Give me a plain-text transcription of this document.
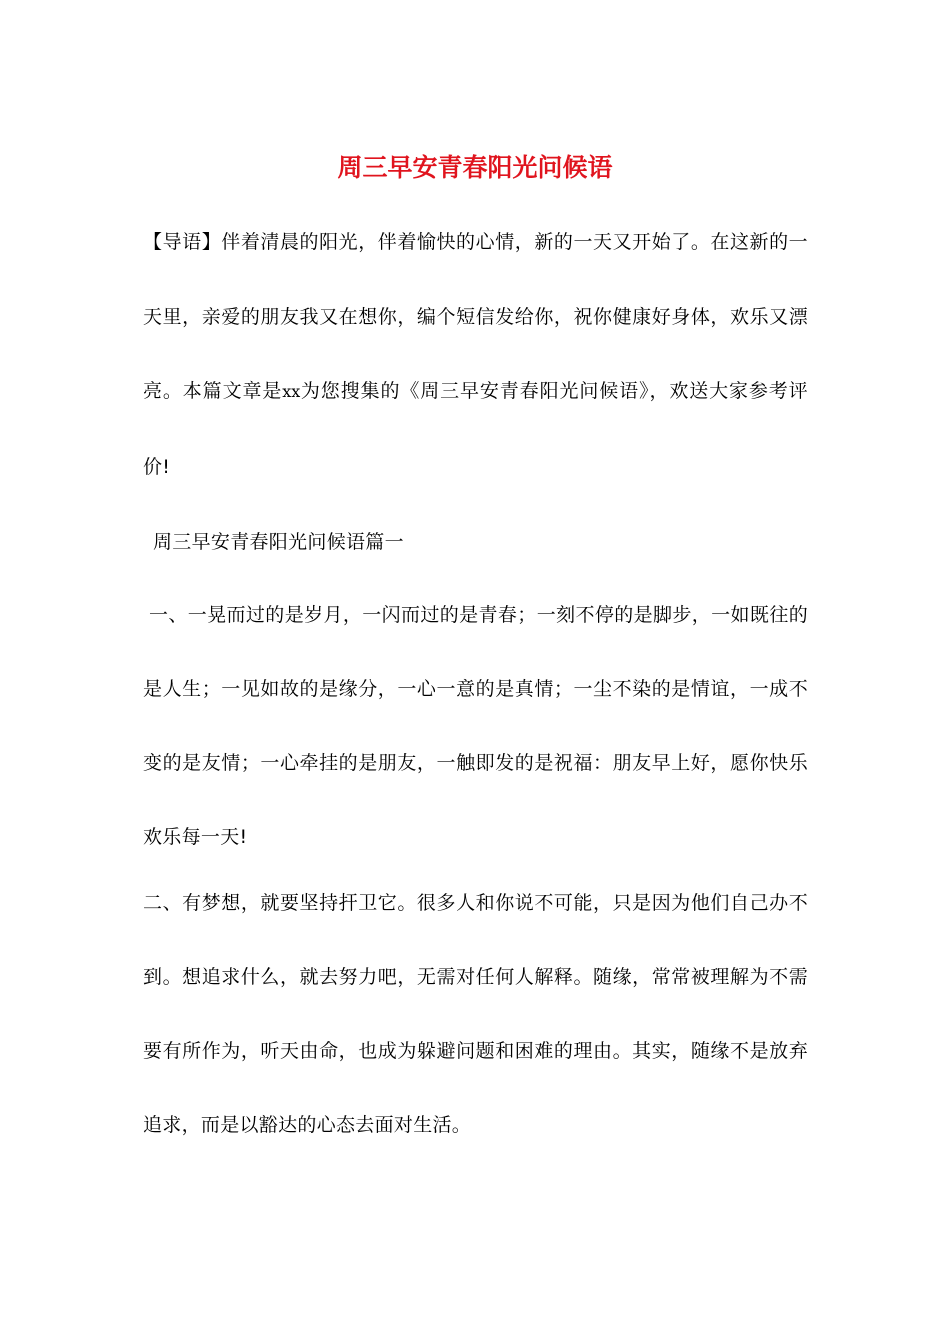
周三早安青春阳光问候语

【导语】伴着清晨的阳光，伴着愉快的心情，新的一天又开始了。在这新的一天里，亲爱的朋友我又在想你，编个短信发给你，祝你健康好身体，欢乐又漂亮。本篇文章是xx为您搜集的《周三早安青春阳光问候语》，欢送大家参考评价!

周三早安青春阳光问候语篇一

一、一晃而过的是岁月，一闪而过的是青春；一刻不停的是脚步，一如既往的是人生；一见如故的是缘分，一心一意的是真情；一尘不染的是情谊，一成不变的是友情；一心牵挂的是朋友，一触即发的是祝福：朋友早上好，愿你快乐欢乐每一天!

二、有梦想，就要坚持扞卫它。很多人和你说不可能，只是因为他们自己办不到。想追求什么，就去努力吧，无需对任何人解释。随缘，常常被理解为不需要有所作为，听天由命，也成为躲避问题和困难的理由。其实，随缘不是放弃追求，而是以豁达的心态去面对生活。
